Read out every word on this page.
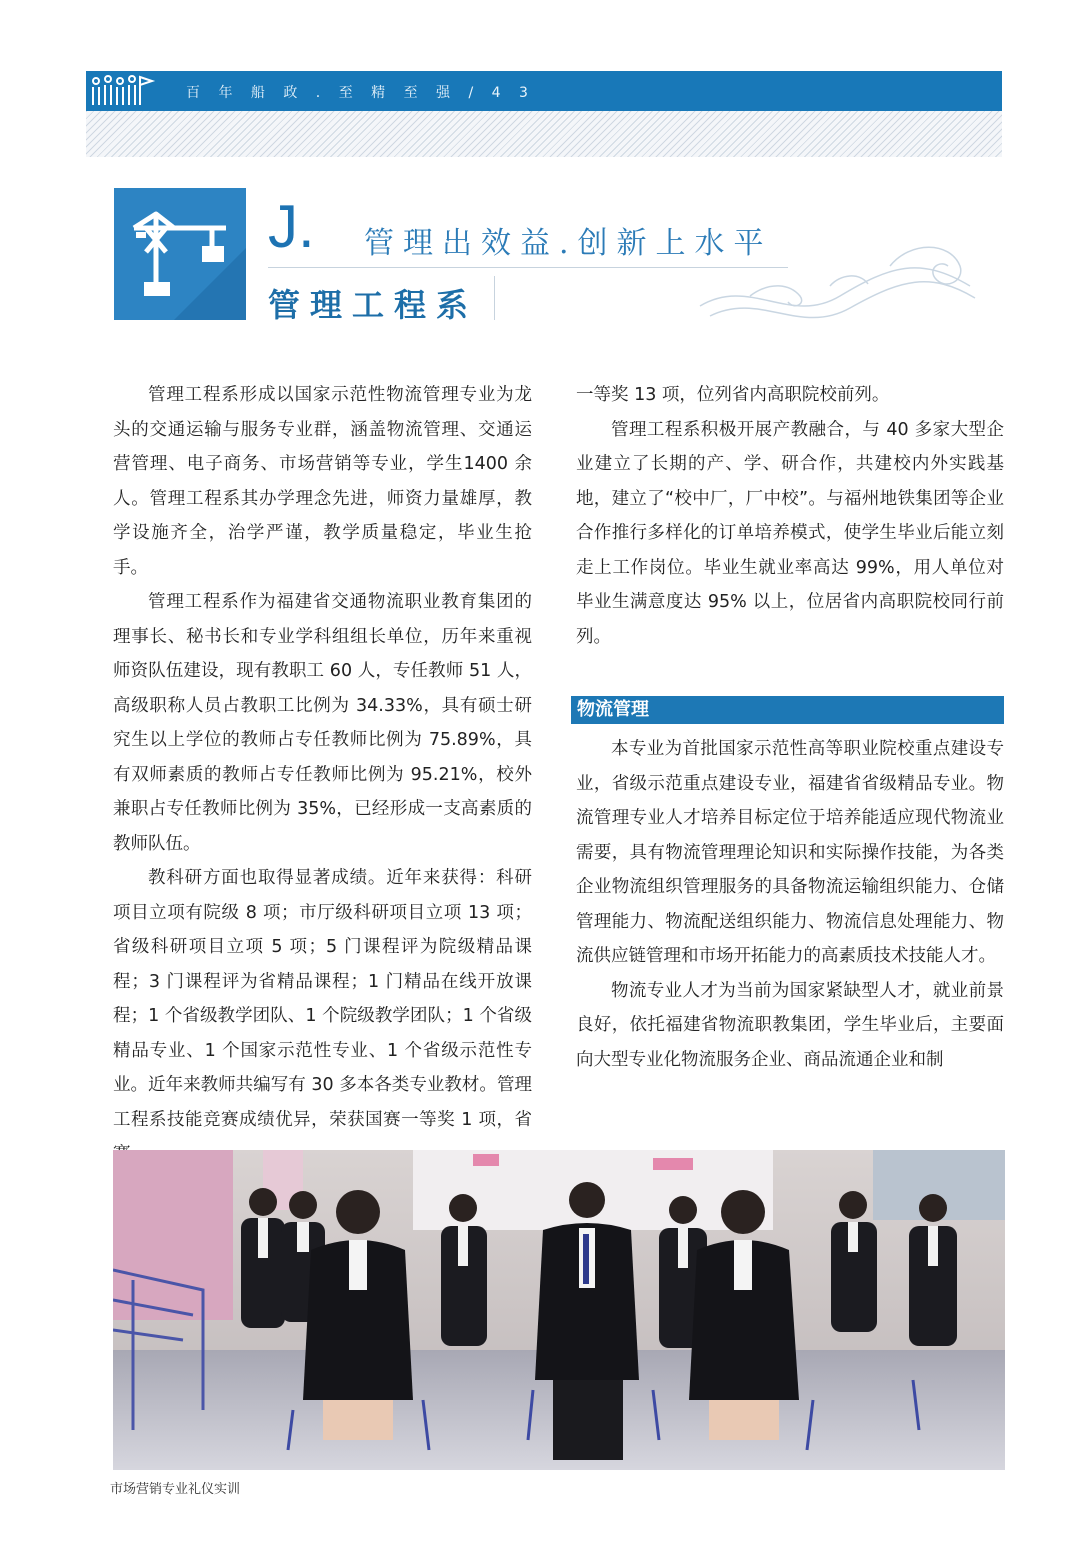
百 年 船 政 . 至 精 至 强 / 4 3
J. 管理出效益.创新上水平
管理工程系

管理工程系形成以国家示范性物流管理专业为龙头的交通运输与服务专业群，涵盖物流管理、交通运营管理、电子商务、市场营销等专业，学生1400 余人。管理工程系其办学理念先进，师资力量雄厚，教学设施齐全，治学严谨，教学质量稳定，毕业生抢手。

管理工程系作为福建省交通物流职业教育集团的理事长、秘书长和专业学科组组长单位，历年来重视师资队伍建设，现有教职工 60 人，专任教师 51 人，高级职称人员占教职工比例为 34.33%，具有硕士研究生以上学位的教师占专任教师比例为 75.89%，具有双师素质的教师占专任教师比例为 95.21%，校外兼职占专任教师比例为 35%，已经形成一支高素质的教师队伍。

教科研方面也取得显著成绩。近年来获得：科研项目立项有院级 8 项；市厅级科研项目立项 13 项；省级科研项目立项 5 项；5 门课程评为院级精品课程；3 门课程评为省精品课程；1 门精品在线开放课程；1 个省级教学团队、1 个院级教学团队；1 个省级精品专业、1 个国家示范性专业、1 个省级示范性专业。近年来教师共编写有 30 多本各类专业教材。管理工程系技能竞赛成绩优异，荣获国赛一等奖 1 项，省

一等奖 13 项，位列省内高职院校前列。

管理工程系积极开展产教融合，与 40 多家大型企业建立了长期的产、学、研合作，共建校内外实践基地，建立了“校中厂，厂中校”。与福州地铁集团等企业合作推行多样化的订单培养模式，使学生毕业后能立刻走上工作岗位。毕业生就业率高达 99%，用人单位对毕业生满意度达 95% 以上，位居省内高职院校同行前列。

物流管理

本专业为首批国家示范性高等职业院校重点建设专业，省级示范重点建设专业，福建省省级精品专业。物流管理专业人才培养目标定位于培养能适应现代物流业需要，具有物流管理理论知识和实际操作技能，为各类企业物流组织管理服务的具备物流运输组织能力、仓储管理能力、物流配送组织能力、物流信息处理能力、物流供应链管理和市场开拓能力的高素质技术技能人才。

物流专业人才为当前为国家紧缺型人才，就业前景良好，依托福建省物流职教集团，学生毕业后，主要面向大型专业化物流服务企业、商品流通企业和制

市场营销专业礼仪实训
